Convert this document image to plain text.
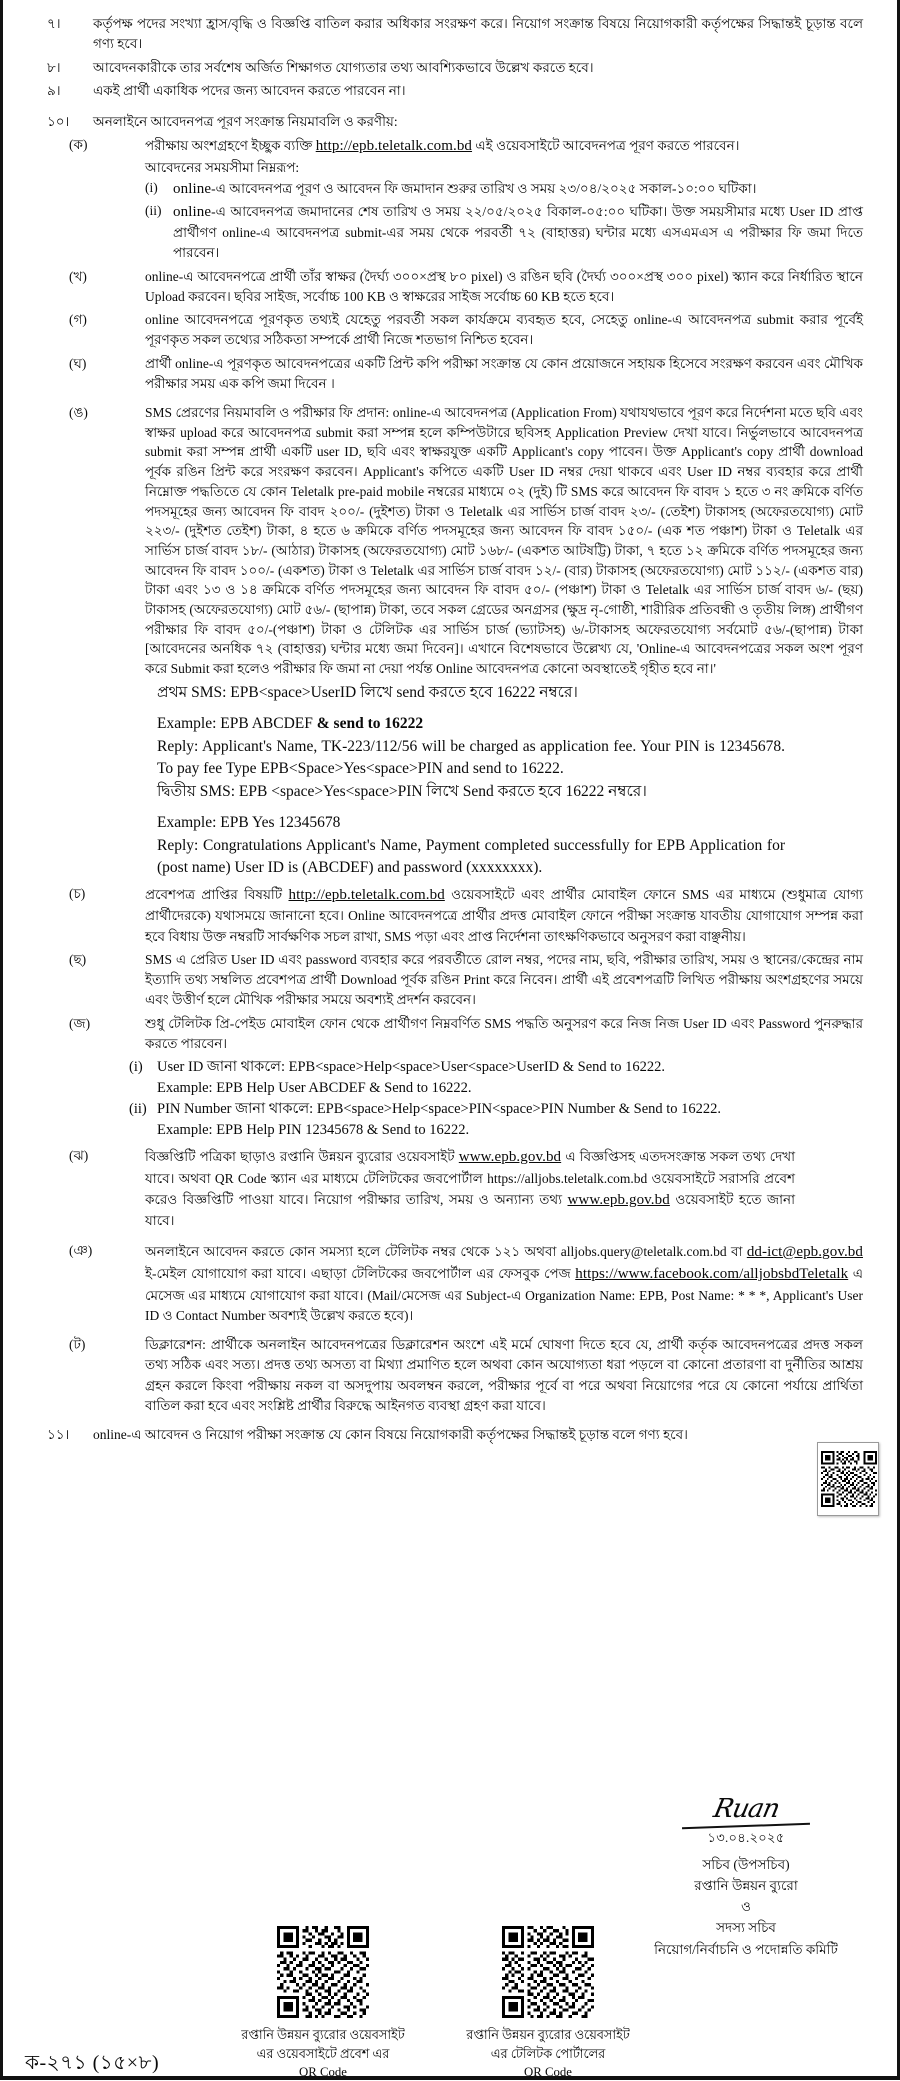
৭।	কর্তৃপক্ষ পদের সংখ্যা হ্রাস/বৃদ্ধি ও বিজ্ঞপ্তি বাতিল করার অধিকার সংরক্ষণ করে। নিয়োগ সংক্রান্ত বিষয়ে নিয়োগকারী কর্তৃপক্ষের সিদ্ধান্তই চূড়ান্ত বলে গণ্য হবে।
৮।	আবেদনকারীকে তার সর্বশেষ অর্জিত শিক্ষাগত যোগ্যতার তথ্য আবশ্যিকভাবে উল্লেখ করতে হবে।
৯।	একই প্রার্থী একাধিক পদের জন্য আবেদন করতে পারবেন না।
১০।	অনলাইনে আবেদনপত্র পূরণ সংক্রান্ত নিয়মাবলি ও করণীয়:
(ক)	পরীক্ষায় অংশগ্রহণে ইচ্ছুক ব্যক্তি http://epb.teletalk.com.bd এই ওয়েবসাইটে আবেদনপত্র পূরণ করতে পারবেন।
আবেদনের সময়সীমা নিম্নরূপ:
(i)	online-এ আবেদনপত্র পূরণ ও আবেদন ফি জমাদান শুরুর তারিখ ও সময় ২৩/০৪/২০২৫ সকাল-১০:০০ ঘটিকা।
(ii) online-এ আবেদনপত্র জমাদানের শেষ তারিখ ও সময় ২২/০৫/২০২৫ বিকাল-০৫:০০ ঘটিকা। উক্ত সময়সীমার মধ্যে User ID প্রাপ্ত প্রার্থীগণ online-এ আবেদনপত্র submit-এর সময় থেকে পরবর্তী ৭২ (বাহাত্তর) ঘন্টার মধ্যে এসএমএস এ পরীক্ষার ফি জমা দিতে পারবেন।
(খ)	online-এ আবেদনপত্রে প্রার্থী তাঁর স্বাক্ষর (দৈর্ঘ্য ৩০০×প্রস্থ ৮০ pixel) ও রঙিন ছবি (দৈর্ঘ্য ৩০০×প্রস্থ ৩০০ pixel) স্ক্যান করে নির্ধারিত স্থানে Upload করবেন। ছবির সাইজ, সর্বোচ্চ 100 KB ও স্বাক্ষরের সাইজ সর্বোচ্চ 60 KB হতে হবে।
(গ)	online আবেদনপত্রে পূরণকৃত তথ্যই যেহেতু পরবর্তী সকল কার্যক্রমে ব্যবহৃত হবে, সেহেতু online-এ আবেদনপত্র submit করার পূর্বেই পূরণকৃত সকল তথ্যের সঠিকতা সম্পর্কে প্রার্থী নিজে শতভাগ নিশ্চিত হবেন।
(ঘ)	প্রার্থী online-এ পূরণকৃত আবেদনপত্রের একটি প্রিন্ট কপি পরীক্ষা সংক্রান্ত যে কোন প্রয়োজনে সহায়ক হিসেবে সংরক্ষণ করবেন এবং মৌখিক পরীক্ষার সময় এক কপি জমা দিবেন ।
(ঙ)	SMS প্রেরণের নিয়মাবলি ও পরীক্ষার ফি প্রদান: online-এ আবেদনপত্র (Application From) যথাযথভাবে পূরণ করে নির্দেশনা মতে ছবি এবং স্বাক্ষর upload করে আবেদনপত্র submit করা সম্পন্ন হলে কম্পিউটারে ছবিসহ Application Preview দেখা যাবে। নির্ভুলভাবে আবেদনপত্র submit করা সম্পন্ন প্রার্থী একটি user ID, ছবি এবং স্বাক্ষরযুক্ত একটি Applicant's copy পাবেন। উক্ত Applicant's copy প্রার্থী download পূর্বক রঙিন প্রিন্ট করে সংরক্ষণ করবেন। Applicant's কপিতে একটি User ID নম্বর দেয়া থাকবে এবং User ID নম্বর ব্যবহার করে প্রার্থী নিম্নোক্ত পদ্ধতিতে যে কোন Teletalk pre-paid mobile নম্বরের মাধ্যমে ০২ (দুই) টি SMS করে আবেদন ফি বাবদ ১ হতে ৩ নং ক্রমিকে বর্ণিত পদসমূহের জন্য আবেদন ফি বাবদ ২০০/- (দুইশত) টাকা ও Teletalk এর সার্ভিস চার্জ বাবদ ২৩/- (তেইশ) টাকাসহ (অফেরতযোগ্য) মোট ২২৩/- (দুইশত তেইশ) টাকা, ৪ হতে ৬ ক্রমিকে বর্ণিত পদসমূহের জন্য আবেদন ফি বাবদ ১৫০/- (এক শত পঞ্চাশ) টাকা ও Teletalk এর সার্ভিস চার্জ বাবদ ১৮/- (আঠার) টাকাসহ (অফেরতযোগ্য) মোট ১৬৮/- (একশত আটষট্টি) টাকা, ৭ হতে ১২ ক্রমিকে বর্ণিত পদসমূহের জন্য আবেদন ফি বাবদ ১০০/- (একশত) টাকা ও Teletalk এর সার্ভিস চার্জ বাবদ ১২/- (বার) টাকাসহ (অফেরতযোগ্য) মোট ১১২/- (একশত বার) টাকা এবং ১৩ ও ১৪ ক্রমিকে বর্ণিত পদসমূহের জন্য আবেদন ফি বাবদ ৫০/- (পঞ্চাশ) টাকা ও Teletalk এর সার্ভিস চার্জ বাবদ ৬/- (ছয়) টাকাসহ (অফেরতযোগ্য) মোট ৫৬/- (ছাপান্ন) টাকা, তবে সকল গ্রেডের অনগ্রসর (ক্ষুদ্র নৃ-গোষ্ঠী, শারীরিক প্রতিবন্ধী ও তৃতীয় লিঙ্গ) প্রার্থীগণ পরীক্ষার ফি বাবদ ৫০/-(পঞ্চাশ) টাকা ও টেলিটক এর সার্ভিস চার্জ (ভ্যাটসহ) ৬/-টাকাসহ অফেরতযোগ্য সর্বমোট ৫৬/-(ছাপান্ন) টাকা [আবেদনের অনধিক ৭২ (বাহাত্তর) ঘন্টার মধ্যে জমা দিবেন]। এখানে বিশেষভাবে উল্লেখ্য যে, 'Online-এ আবেদনপত্রের সকল অংশ পূরণ করে Submit করা হলেও পরীক্ষার ফি জমা না দেয়া পর্যন্ত Online আবেদনপত্র কোনো অবস্থাতেই গৃহীত হবে না।'
প্রথম SMS: EPB<space>UserID লিখে send করতে হবে 16222 নম্বরে।
Example: EPB ABCDEF & send to 16222
Reply: Applicant's Name, TK-223/112/56 will be charged as application fee. Your PIN is 12345678. To pay fee Type EPB<Space>Yes<space>PIN and send to 16222.
দ্বিতীয় SMS: EPB <space>Yes<space>PIN লিখে Send করতে হবে 16222 নম্বরে।
Example: EPB Yes 12345678
Reply: Congratulations Applicant's Name, Payment completed successfully for EPB Application for (post name) User ID is (ABCDEF) and password (xxxxxxxx).
(চ)	প্রবেশপত্র প্রাপ্তির বিষয়টি http://epb.teletalk.com.bd ওয়েবসাইটে এবং প্রার্থীর মোবাইল ফোনে SMS এর মাধ্যমে (শুধুমাত্র যোগ্য প্রার্থীদেরকে) যথাসময়ে জানানো হবে। Online আবেদনপত্রে প্রার্থীর প্রদত্ত মোবাইল ফোনে পরীক্ষা সংক্রান্ত যাবতীয় যোগাযোগ সম্পন্ন করা হবে বিধায় উক্ত নম্বরটি সার্বক্ষণিক সচল রাখা, SMS পড়া এবং প্রাপ্ত নির্দেশনা তাৎক্ষণিকভাবে অনুসরণ করা বাঞ্ছনীয়।
(ছ)	SMS এ প্রেরিত User ID এবং password ব্যবহার করে পরবর্তীতে রোল নম্বর, পদের নাম, ছবি, পরীক্ষার তারিখ, সময় ও স্থানের/কেন্দ্রের নাম ইত্যাদি তথ্য সম্বলিত প্রবেশপত্র প্রার্থী Download পূর্বক রঙিন Print করে নিবেন। প্রার্থী এই প্রবেশপত্রটি লিখিত পরীক্ষায় অংশগ্রহণের সময়ে এবং উত্তীর্ণ হলে মৌখিক পরীক্ষার সময়ে অবশ্যই প্রদর্শন করবেন।
(জ)	শুধু টেলিটক প্রি-পেইড মোবাইল ফোন থেকে প্রার্থীগণ নিম্নবর্ণিত SMS পদ্ধতি অনুসরণ করে নিজ নিজ User ID এবং Password পুনরুদ্ধার করতে পারবেন।
(i) User ID জানা থাকলে: EPB<space>Help<space>User<space>UserID & Send to 16222.
Example: EPB Help User ABCDEF & Send to 16222.
(ii) PIN Number জানা থাকলে: EPB<space>Help<space>PIN<space>PIN Number & Send to 16222.
Example: EPB Help PIN 12345678 & Send to 16222.
(ঝ)	বিজ্ঞপ্তিটি পত্রিকা ছাড়াও রপ্তানি উন্নয়ন ব্যুরোর ওয়েবসাইট www.epb.gov.bd এ বিজ্ঞপ্তিসহ এতদসংক্রান্ত সকল তথ্য দেখা যাবে। অথবা QR Code স্ক্যান এর মাধ্যমে টেলিটকের জবপোর্টাল https://alljobs.teletalk.com.bd ওয়েবসাইটে সরাসরি প্রবেশ করেও বিজ্ঞপ্তিটি পাওয়া যাবে। নিয়োগ পরীক্ষার তারিখ, সময় ও অন্যান্য তথ্য www.epb.gov.bd ওয়েবসাইট হতে জানা যাবে।
(ঞ)	অনলাইনে আবেদন করতে কোন সমস্যা হলে টেলিটক নম্বর থেকে ১২১ অথবা alljobs.query@teletalk.com.bd বা dd-ict@epb.gov.bd ই-মেইল যোগাযোগ করা যাবে। এছাড়া টেলিটকের জবপোর্টাল এর ফেসবুক পেজ https://www.facebook.com/alljobsbdTeletalk এ মেসেজ এর মাধ্যমে যোগাযোগ করা যাবে। (Mail/মেসেজ এর Subject-এ Organization Name: EPB, Post Name: * * *, Applicant's User ID ও Contact Number অবশ্যই উল্লেখ করতে হবে)।
(ট)	ডিক্লারেশন: প্রার্থীকে অনলাইন আবেদনপত্রের ডিক্লারেশন অংশে এই মর্মে ঘোষণা দিতে হবে যে, প্রার্থী কর্তৃক আবেদনপত্রের প্রদত্ত সকল তথ্য সঠিক এবং সত্য। প্রদত্ত তথ্য অসত্য বা মিথ্যা প্রমাণিত হলে অথবা কোন অযোগ্যতা ধরা পড়লে বা কোনো প্রতারণা বা দুর্নীতির আশ্রয় গ্রহন করলে কিংবা পরীক্ষায় নকল বা অসদুপায় অবলম্বন করলে, পরীক্ষার পূর্বে বা পরে অথবা নিয়োগের পরে যে কোনো পর্যায়ে প্রার্থিতা বাতিল করা হবে এবং সংশ্লিষ্ট প্রার্থীর বিরুদ্ধে আইনগত ব্যবস্থা গ্রহণ করা যাবে।
১১।	online-এ আবেদন ও নিয়োগ পরীক্ষা সংক্রান্ত যে কোন বিষয়ে নিয়োগকারী কর্তৃপক্ষের সিদ্ধান্তই চূড়ান্ত বলে গণ্য হবে।
Ruan
১৩.০৪.২০২৫
সচিব (উপসচিব)
রপ্তানি উন্নয়ন ব্যুরো
ও
সদস্য সচিব
নিয়োগ/নির্বাচনি ও পদোন্নতি কমিটি
রপ্তানি উন্নয়ন ব্যুরোর ওয়েবসাইট
এর ওয়েবসাইটে প্রবেশ এর
QR Code
রপ্তানি উন্নয়ন ব্যুরোর ওয়েবসাইট
এর টেলিটক পোর্টালের
QR Code
ক-২৭১ (১৫×৮)
